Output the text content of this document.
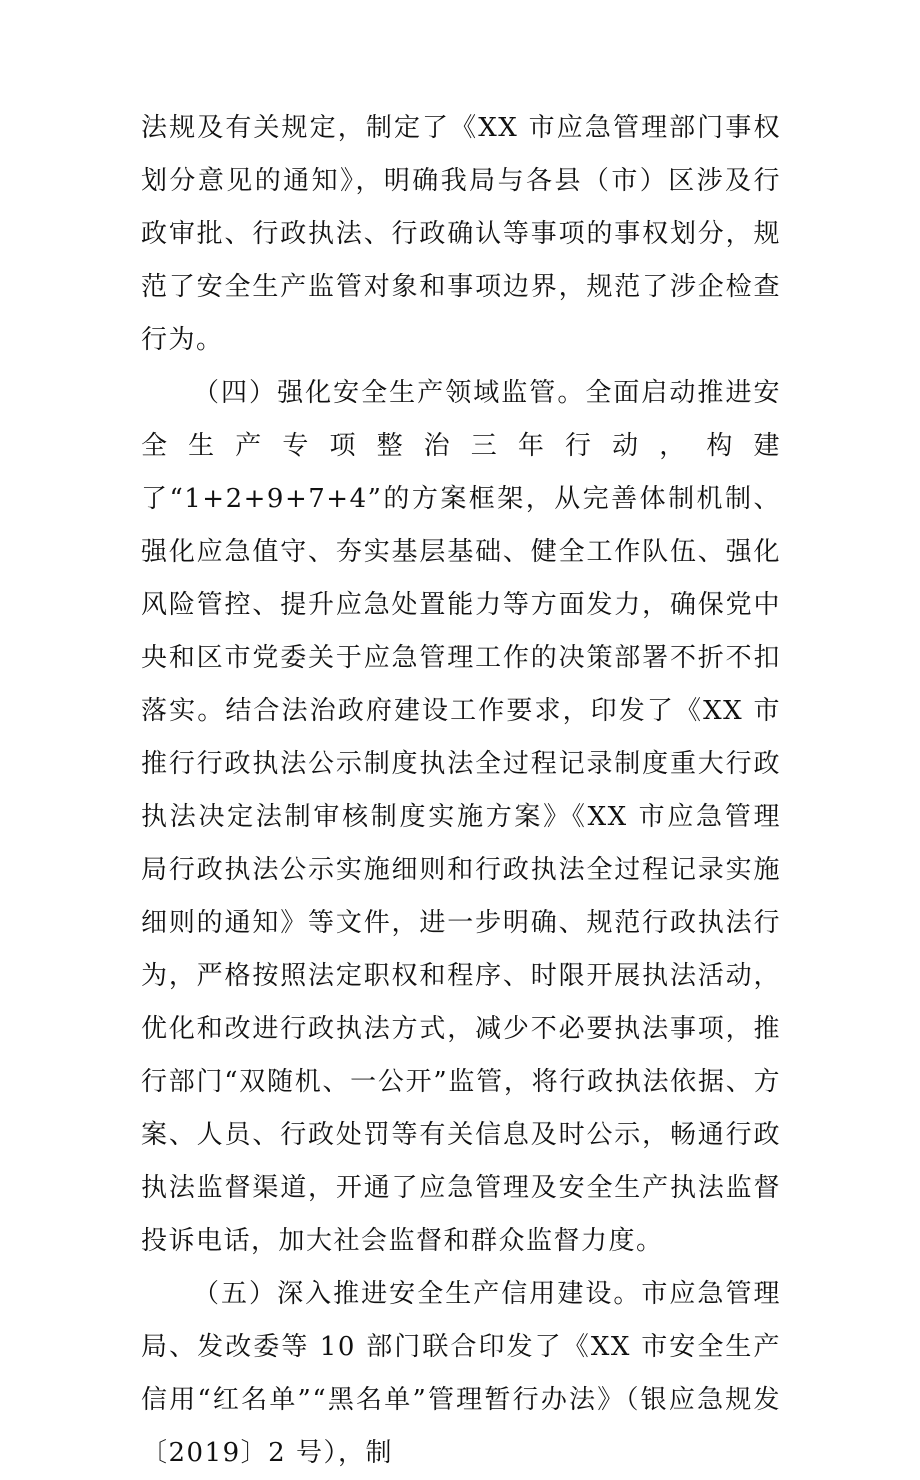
法规及有关规定，制定了《XX 市应急管理部门事权划分意见的通知》，明确我局与各县（市）区涉及行政审批、行政执法、行政确认等事项的事权划分，规范了安全生产监管对象和事项边界，规范了涉企检查行为。

（四）强化安全生产领域监管。全面启动推进安全生产专项整治三年行动，构建了“1+2+9+7+4”的方案框架，从完善体制机制、强化应急值守、夯实基层基础、健全工作队伍、强化风险管控、提升应急处置能力等方面发力，确保党中央和区市党委关于应急管理工作的决策部署不折不扣落实。结合法治政府建设工作要求，印发了《XX 市推行行政执法公示制度执法全过程记录制度重大行政执法决定法制审核制度实施方案》《XX 市应急管理局行政执法公示实施细则和行政执法全过程记录实施细则的通知》等文件，进一步明确、规范行政执法行为，严格按照法定职权和程序、时限开展执法活动，优化和改进行政执法方式，减少不必要执法事项，推行部门“双随机、一公开”监管，将行政执法依据、方案、人员、行政处罚等有关信息及时公示，畅通行政执法监督渠道，开通了应急管理及安全生产执法监督投诉电话，加大社会监督和群众监督力度。

（五）深入推进安全生产信用建设。市应急管理局、发改委等 10 部门联合印发了《XX 市安全生产信用“红名单”“黑名单”管理暂行办法》（银应急规发〔2019〕2 号），制
